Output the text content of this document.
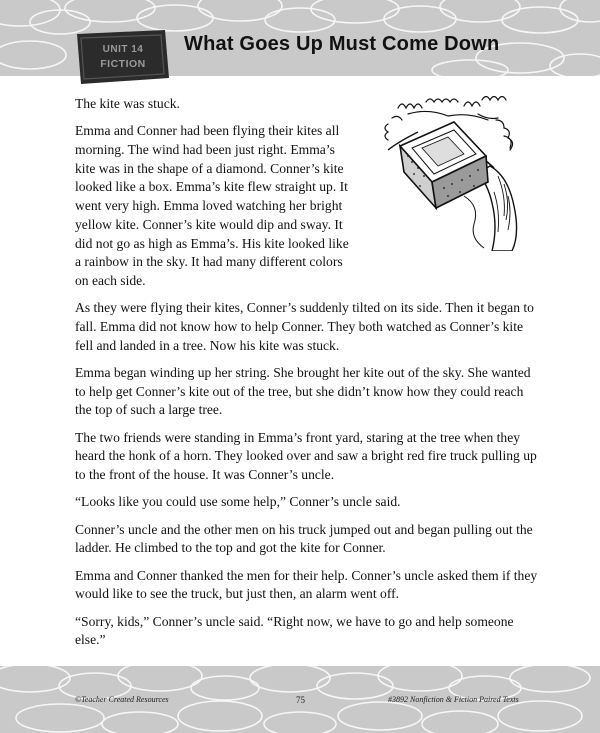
UNIT 14
FICTION
What Goes Up Must Come Down

The kite was stuck.

Emma and Conner had been flying their kites all morning. The wind had been just right. Emma’s kite was in the shape of a diamond. Conner’s kite looked like a box. Emma’s kite flew straight up. It went very high. Emma loved watching her bright yellow kite. Conner’s kite would dip and sway. It did not go as high as Emma’s. His kite looked like a rainbow in the sky. It had many different colors on each side.

As they were flying their kites, Conner’s suddenly tilted on its side. Then it began to fall. Emma did not know how to help Conner. They both watched as Conner’s kite fell and landed in a tree. Now his kite was stuck.

Emma began winding up her string. She brought her kite out of the sky. She wanted to help get Conner’s kite out of the tree, but she didn’t know how they could reach the top of such a large tree.

The two friends were standing in Emma’s front yard, staring at the tree when they heard the honk of a horn. They looked over and saw a bright red fire truck pulling up to the front of the house. It was Conner’s uncle.

“Looks like you could use some help,” Conner’s uncle said.

Conner’s uncle and the other men on his truck jumped out and began pulling out the ladder. He climbed to the top and got the kite for Conner.

Emma and Conner thanked the men for their help. Conner’s uncle asked them if they would like to see the truck, but just then, an alarm went off.

“Sorry, kids,” Conner’s uncle said. “Right now, we have to go and help someone else.”

©Teacher Created Resources	75	#3892 Nonfiction & Fiction Paired Texts
